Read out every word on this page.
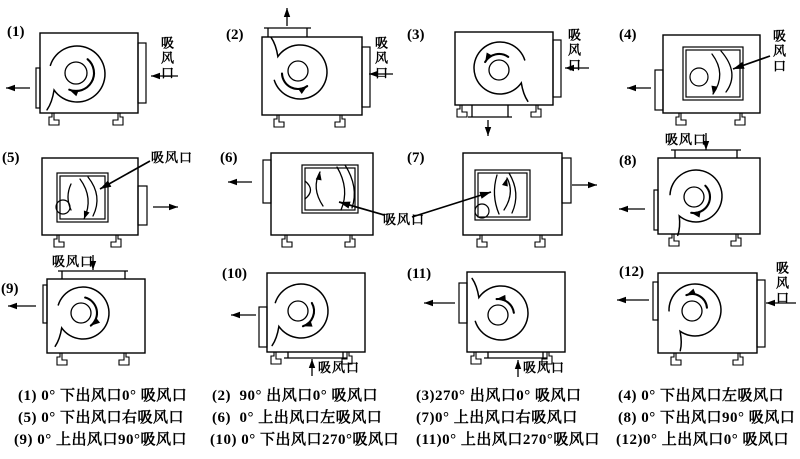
(1)	(2)	(3)	(4)
(5)	(6)	(7)	(8)
(9)
(10)	(11)	(12)
吸风口	吸风口	吸风口	吸风口
吸风口
吸风口
吸风口
吸风口
吸风口	吸风口
吸风口
(1) 0° 下出风口0° 吸风口 (2)  90° 出风口0° 吸风口	(3)270° 出风口0° 吸风口 (4) 0° 下出风口左吸风口
(5) 0° 下出风口右吸风口 (6)  0° 上出风口左吸风口 (7)0° 上出风口右吸风口	(8) 0° 下出风口90° 吸风口
(9) 0° 上出风口90°吸风口 (10) 0° 下出风口270°吸风口 (11)0° 上出风口270°吸风口 (12)0° 上出风口0° 吸风口
